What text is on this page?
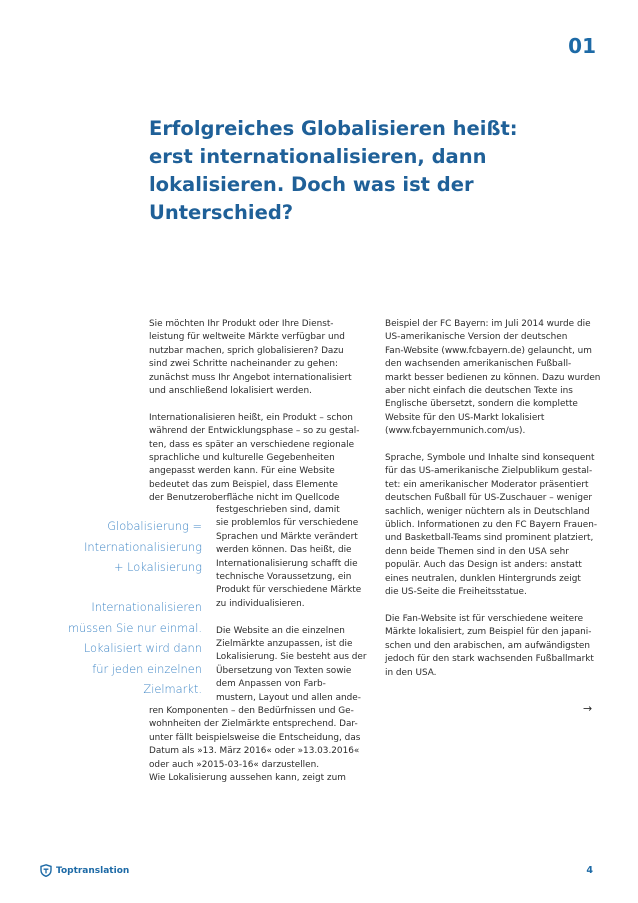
01
Erfolgreiches Globalisieren heißt:
erst internationalisieren, dann
lokalisieren. Doch was ist der
Unterschied?
Sie möchten Ihr Produkt oder Ihre Dienst-
leistung für weltweite Märkte verfügbar und
nutzbar machen, sprich globalisieren? Dazu
sind zwei Schritte nacheinander zu gehen:
zunächst muss Ihr Angebot internationalisiert
und anschließend lokalisiert werden.
Internationalisieren heißt, ein Produkt – schon
während der Entwicklungsphase – so zu gestal-
ten, dass es später an verschiedene regionale
sprachliche und kulturelle Gegebenheiten
angepasst werden kann. Für eine Website
bedeutet das zum Beispiel, dass Elemente
der Benutzeroberfläche nicht im Quellcode
festgeschrieben sind, damit
sie problemlos für verschiedene
Sprachen und Märkte verändert
werden können. Das heißt, die
Internationalisierung schafft die
technische Voraussetzung, ein
Produkt für verschiedene Märkte
zu individualisieren.
Die Website an die einzelnen
Zielmärkte anzupassen, ist die
Lokalisierung. Sie besteht aus der
Übersetzung von Texten sowie
dem Anpassen von Farb-
mustern, Layout und allen ande-
ren Komponenten – den Bedürfnissen und Ge-
wohnheiten der Zielmärkte entsprechend. Dar-
unter fällt beispielsweise die Entscheidung, das
Datum als »13. März 2016« oder »13.03.2016«
oder auch »2015-03-16« darzustellen.
Wie Lokalisierung aussehen kann, zeigt zum
Beispiel der FC Bayern: im Juli 2014 wurde die
US-amerikanische Version der deutschen
Fan-Website (www.fcbayern.de) gelauncht, um
den wachsenden amerikanischen Fußball-
markt besser bedienen zu können. Dazu wurden
aber nicht einfach die deutschen Texte ins
Englische übersetzt, sondern die komplette
Website für den US-Markt lokalisiert
(www.fcbayernmunich.com/us).
Sprache, Symbole und Inhalte sind konsequent
für das US-amerikanische Zielpublikum gestal-
tet: ein amerikanischer Moderator präsentiert
deutschen Fußball für US-Zuschauer – weniger
sachlich, weniger nüchtern als in Deutschland
üblich. Informationen zu den FC Bayern Frauen-
und Basketball-Teams sind prominent platziert,
denn beide Themen sind in den USA sehr
populär. Auch das Design ist anders: anstatt
eines neutralen, dunklen Hintergrunds zeigt
die US-Seite die Freiheitsstatue.
Die Fan-Website ist für verschiedene weitere
Märkte lokalisiert, zum Beispiel für den japani-
schen und den arabischen, am aufwändigsten
jedoch für den stark wachsenden Fußballmarkt
in den USA.
→
Globalisierung =
Internationalisierung
+ Lokalisierung
Internationalisieren
müssen Sie nur einmal.
Lokalisiert wird dann
für jeden einzelnen
Zielmarkt.
Toptranslation	4
